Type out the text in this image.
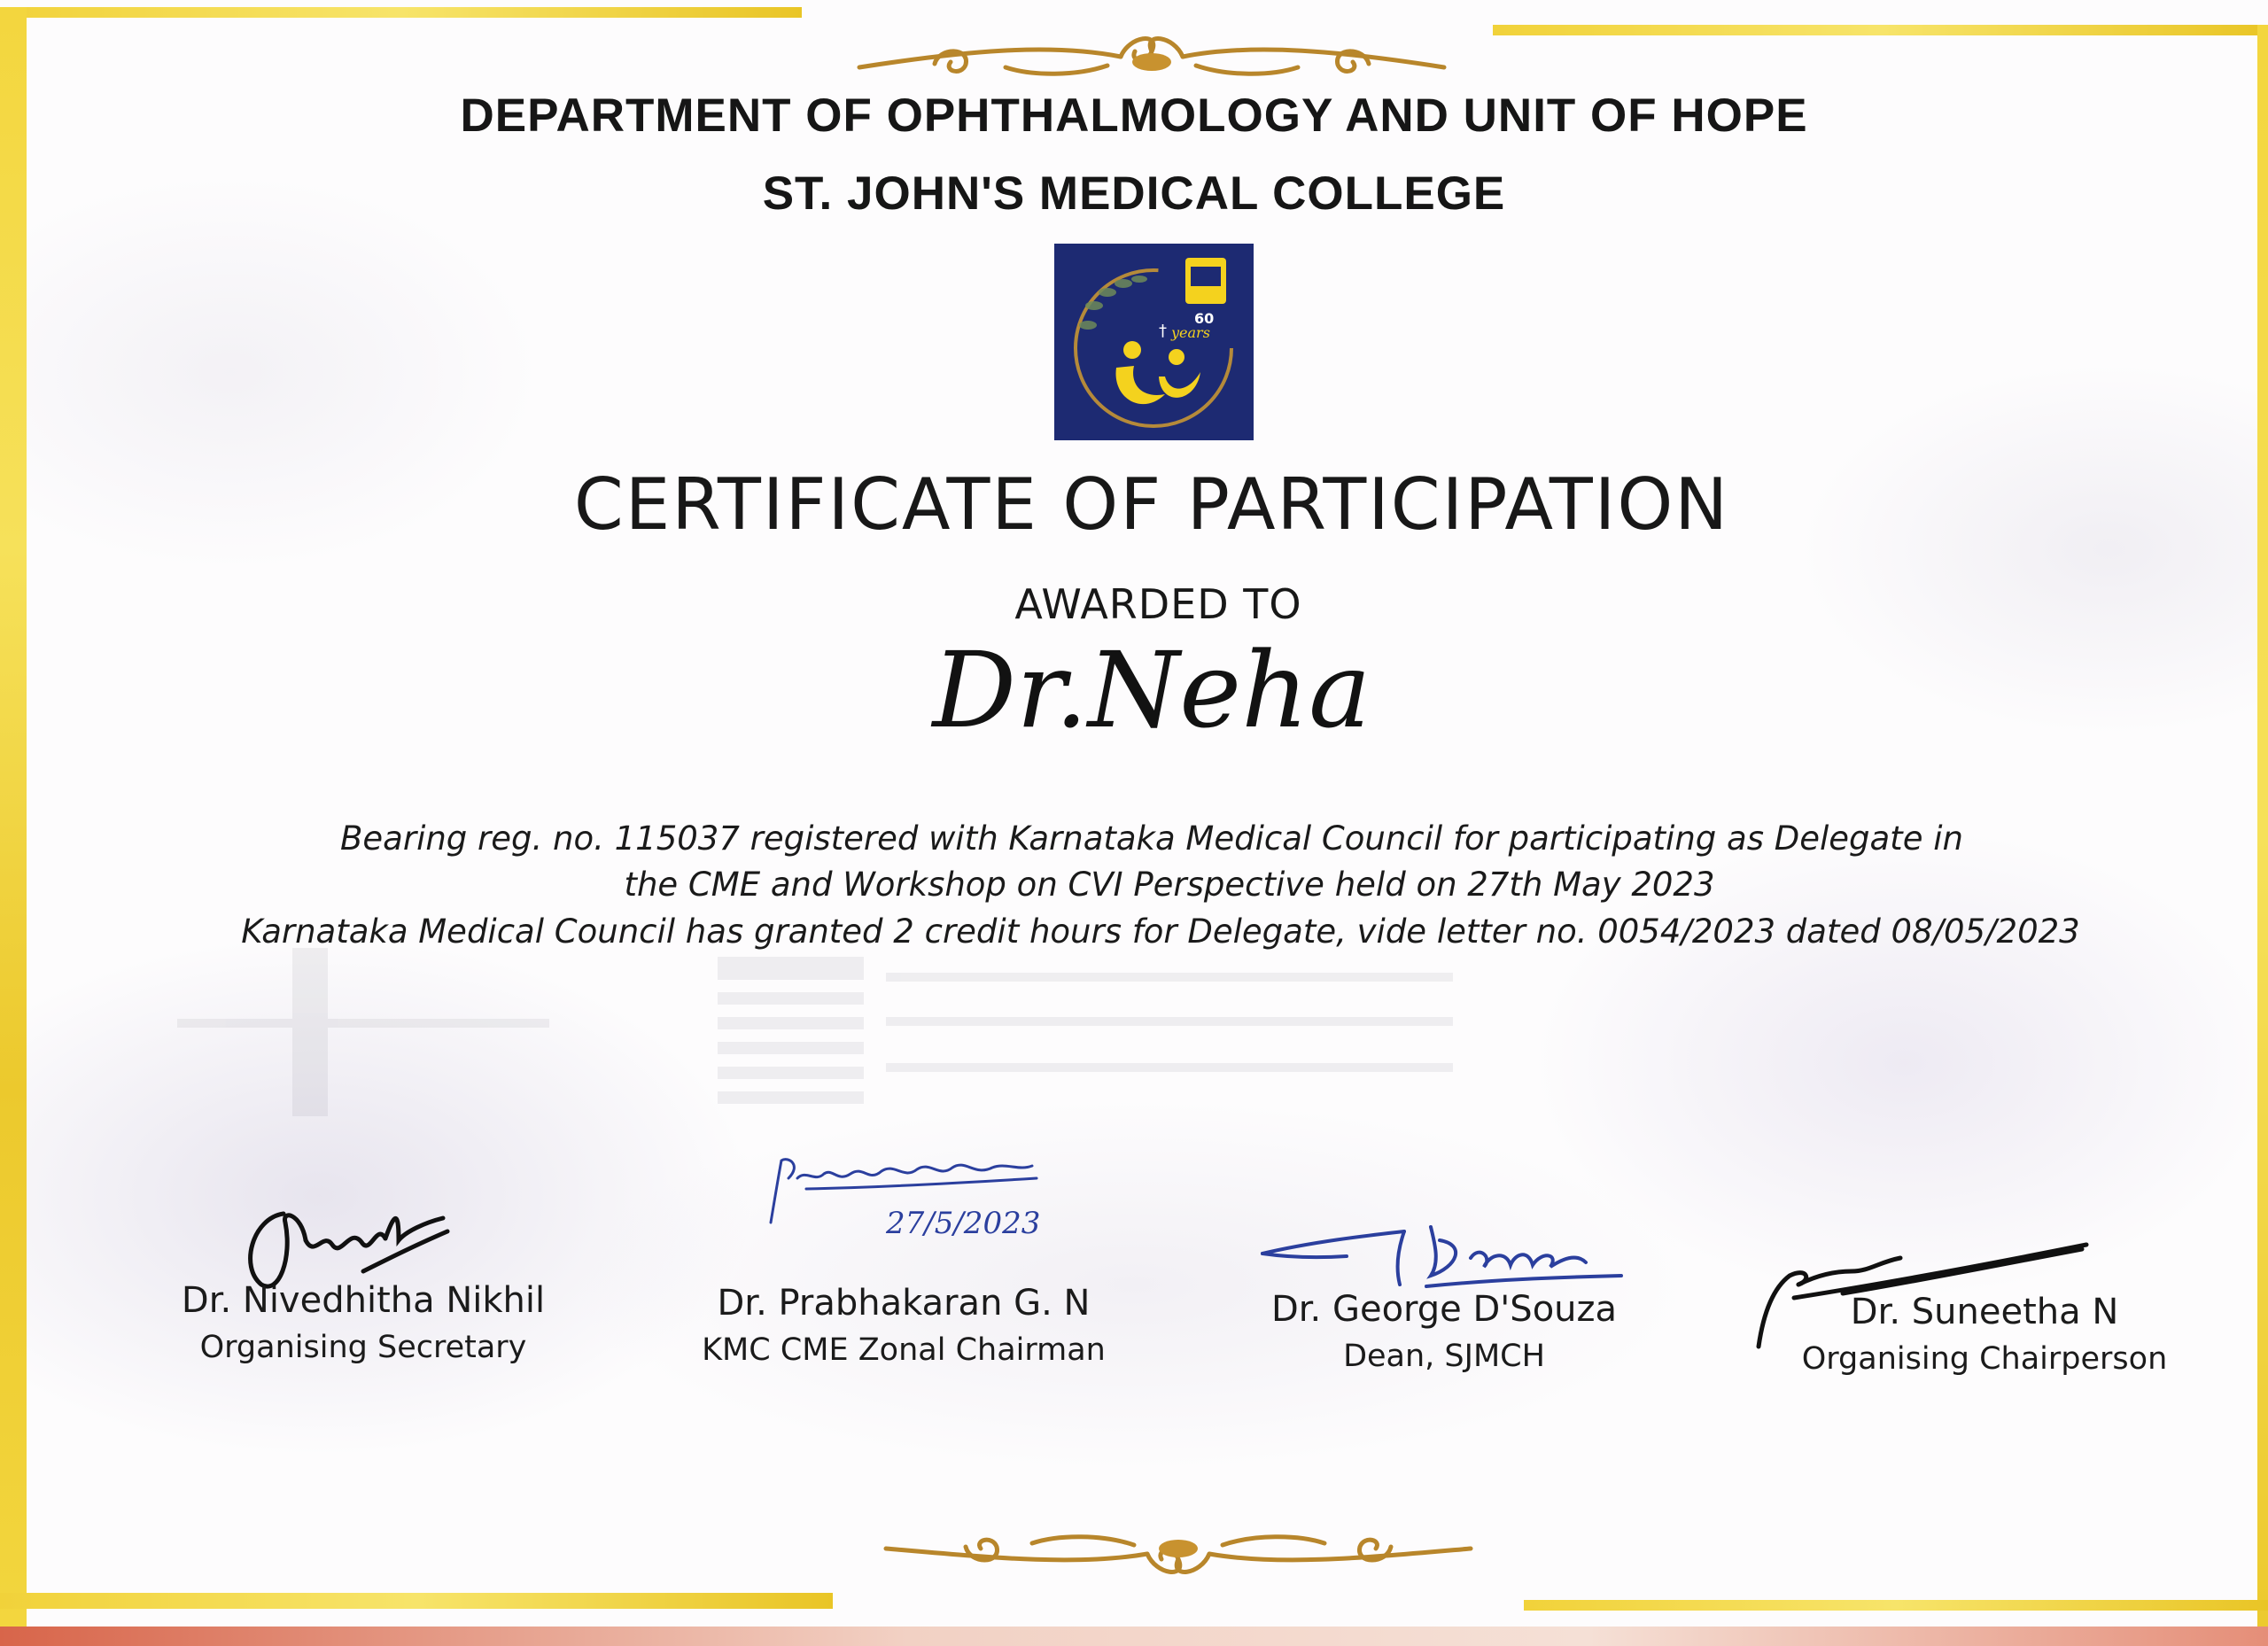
DEPARTMENT OF OPHTHALMOLOGY AND UNIT OF HOPE
ST. JOHN'S MEDICAL COLLEGE
60
years
†
CERTIFICATE OF PARTICIPATION
AWARDED TO
Dr.Neha
Bearing reg. no. 115037 registered with Karnataka Medical Council for participating as Delegate in
the CME and Workshop on CVI Perspective held on 27th May 2023
Karnataka Medical Council has granted 2 credit hours for Delegate, vide letter no. 0054/2023 dated 08/05/2023
27/5/2023
Dr. Nivedhitha Nikhil
Organising Secretary
Dr. Prabhakaran G. N
KMC CME Zonal Chairman
Dr. George D'Souza
Dean, SJMCH
Dr. Suneetha N
Organising Chairperson
